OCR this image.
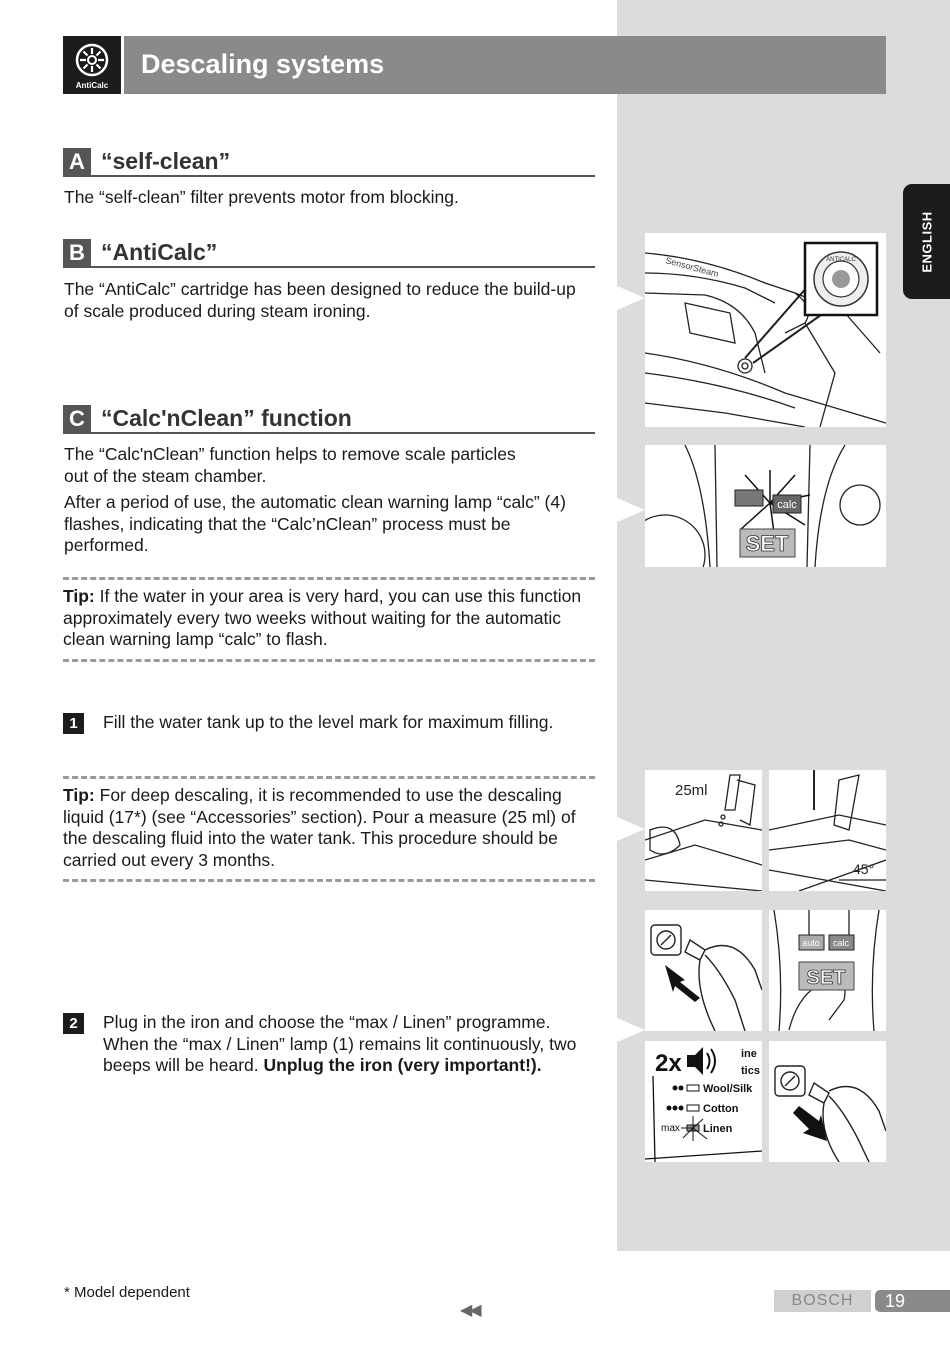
AntiCalc
Descaling systems
ENGLISH
A “self-clean”
The “self-clean” filter prevents motor from blocking.
B “AntiCalc”
The “AntiCalc” cartridge has been designed to reduce the build-up of scale produced during steam ironing.
C “Calc'nClean” function
The “Calc'nClean” function helps to remove scale particles out of the steam chamber.
After a period of use, the automatic clean warning lamp “calc” (4) flashes, indicating that the “Calc’nClean” process must be performed.
Tip: If the water in your area is very hard, you can use this function approximately every two weeks without waiting for the automatic clean warning lamp “calc” to flash.
1	Fill the water tank up to the level mark for maximum filling.
Tip: For deep descaling, it is recommended to use the descaling liquid (17*) (see “Accessories” section). Pour a measure (25 ml) of the descaling fluid into the water tank. This procedure should be carried out every 3 months.
2	Plug in the iron and choose the “max / Linen” programme. When the “max / Linen” lamp (1) remains lit continuously, two beeps will be heard. Unplug the iron (very important!).
ANTICALC
SensorSteam
calc
SET
25ml
45°
auto calc
SET
2x	ine
tics
Wool/Silk
Cotton
max Linen
* Model dependent
◀◀
BOSCH	19
